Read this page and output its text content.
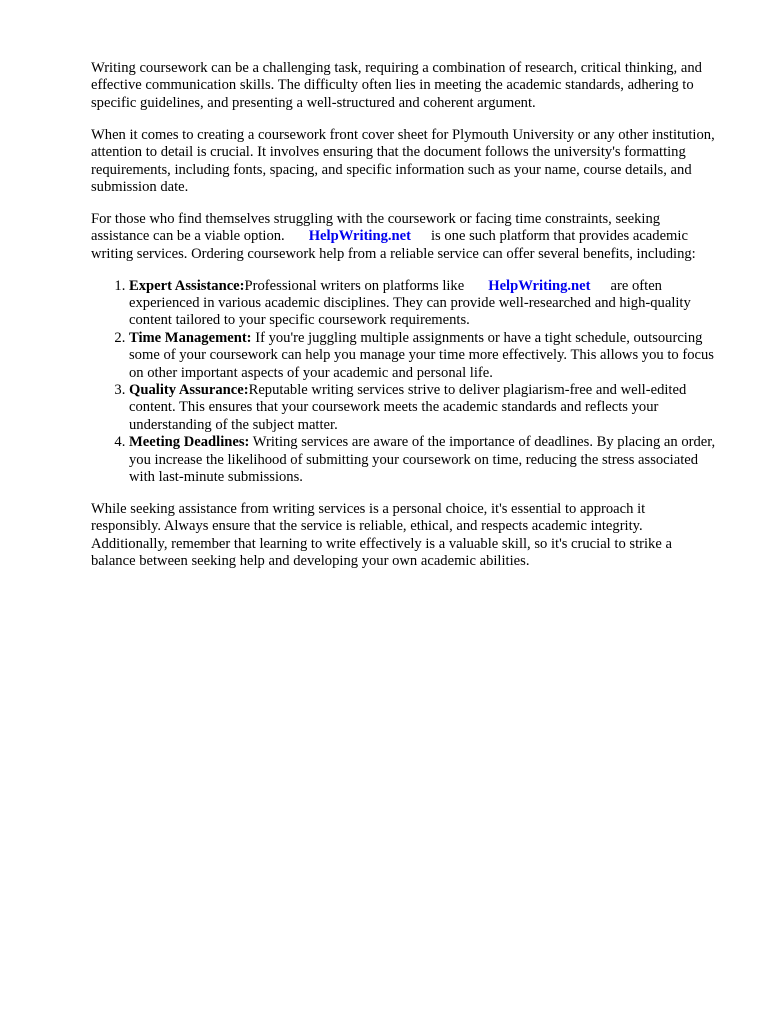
Writing coursework can be a challenging task, requiring a combination of research, critical thinking, and effective communication skills. The difficulty often lies in meeting the academic standards, adhering to specific guidelines, and presenting a well-structured and coherent argument.

When it comes to creating a coursework front cover sheet for Plymouth University or any other institution, attention to detail is crucial. It involves ensuring that the document follows the university's formatting requirements, including fonts, spacing, and specific information such as your name, course details, and submission date.

For those who find themselves struggling with the coursework or facing time constraints, seeking assistance can be a viable option. HelpWriting.net is one such platform that provides academic writing services. Ordering coursework help from a reliable service can offer several benefits, including:

1. Expert Assistance:Professional writers on platforms like HelpWriting.net are often experienced in various academic disciplines. They can provide well-researched and high-quality content tailored to your specific coursework requirements.
2. Time Management: If you're juggling multiple assignments or have a tight schedule, outsourcing some of your coursework can help you manage your time more effectively. This allows you to focus on other important aspects of your academic and personal life.
3. Quality Assurance:Reputable writing services strive to deliver plagiarism-free and well-edited content. This ensures that your coursework meets the academic standards and reflects your understanding of the subject matter.
4. Meeting Deadlines: Writing services are aware of the importance of deadlines. By placing an order, you increase the likelihood of submitting your coursework on time, reducing the stress associated with last-minute submissions.

While seeking assistance from writing services is a personal choice, it's essential to approach it responsibly. Always ensure that the service is reliable, ethical, and respects academic integrity. Additionally, remember that learning to write effectively is a valuable skill, so it's crucial to strike a balance between seeking help and developing your own academic abilities.
